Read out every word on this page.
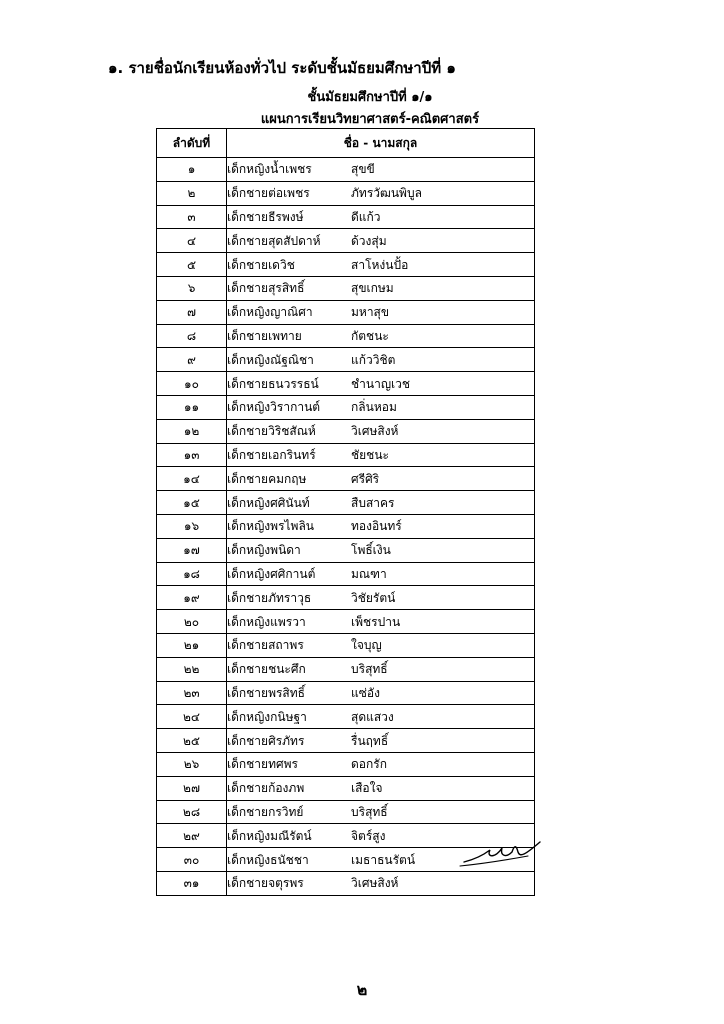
๑. รายชื่อนักเรียนห้องทั่วไป ระดับชั้นมัธยมศึกษาปีที่ ๑
ชั้นมัธยมศึกษาปีที่ ๑/๑
แผนการเรียนวิทยาศาสตร์-คณิตศาสตร์
ลำดับที่	ชื่อ - นามสกุล
๑	เด็กหญิงน้ำเพชร สุขขี
๒	เด็กชายต่อเพชร ภัทรวัฒนพิบูล
๓	เด็กชายธีรพงษ์ ดีแก้ว
๔	เด็กชายสุดสัปดาห์ ด้วงสุ่ม
๕	เด็กชายเดวิช สาโหง่นปั้อ
๖	เด็กชายสุรสิทธิ์ สุขเกษม
๗	เด็กหญิงญาณิศา มหาสุข
๘	เด็กชายเพทาย กัตชนะ
๙	เด็กหญิงณัฐณิชา แก้ววิชิต
๑๐	เด็กชายธนวรรธน์ ชำนาญเวช
๑๑	เด็กหญิงวิรากานต์ กลิ่นหอม
๑๒	เด็กชายวิริชสัณห์ วิเศษสิงห์
๑๓	เด็กชายเอกรินทร์ ชัยชนะ
๑๔	เด็กชายคมกฤษ ศรีศิริ
๑๕	เด็กหญิงศศินันท์ สืบสาคร
๑๖	เด็กหญิงพรไพลิน ทองอินทร์
๑๗	เด็กหญิงพนิดา โพธิ์เงิน
๑๘	เด็กหญิงศศิกานต์ มณฑา
๑๙	เด็กชายภัทราวุธ วิชัยรัตน์
๒๐	เด็กหญิงแพรวา เพ็ชรปาน
๒๑	เด็กชายสถาพร ใจบุญ
๒๒	เด็กชายชนะศึก บริสุทธิ์
๒๓	เด็กชายพรสิทธิ์ แซ่อัง
๒๔	เด็กหญิงกนิษฐา สุดแสวง
๒๕	เด็กชายศิรภัทร รื่นฤทธิ์
๒๖	เด็กชายทศพร ดอกรัก
๒๗	เด็กชายก้องภพ เสือใจ
๒๘	เด็กชายกรวิทย์ บริสุทธิ์
๒๙	เด็กหญิงมณีรัตน์ จิตร์สูง
๓๐	เด็กหญิงธนัชชา เมธาธนรัตน์
๓๑	เด็กชายจตุรพร วิเศษสิงห์
๒
